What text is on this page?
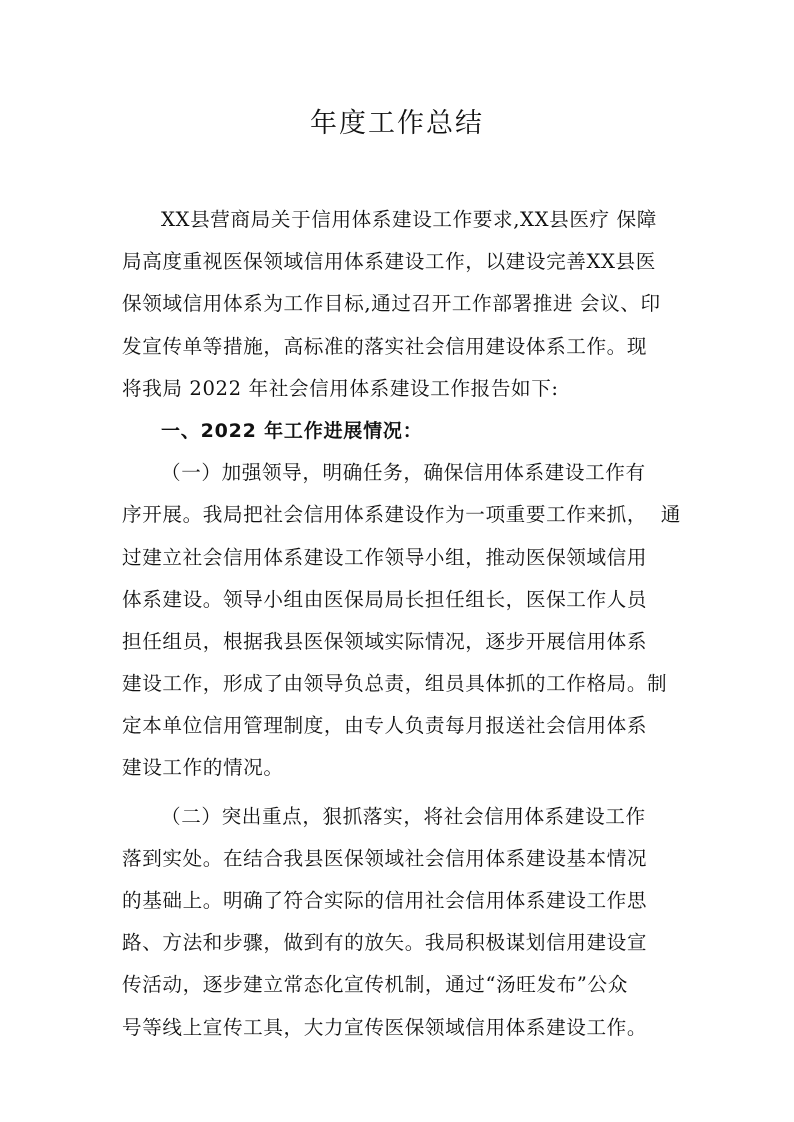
年度工作总结
XX县营商局关于信用体系建设工作要求,XX县医疗 保障
局高度重视医保领域信用体系建设工作，以建设完善XX县医
保领域信用体系为工作目标,通过召开工作部署推进 会议、印
发宣传单等措施，高标准的落实社会信用建设体系工作。现
将我局 2022 年社会信用体系建设工作报告如下:
一、2022 年工作进展情况：
（一）加强领导，明确任务，确保信用体系建设工作有
序开展。我局把社会信用体系建设作为一项重要工作来抓，  通
过建立社会信用体系建设工作领导小组，推动医保领域信用
体系建设。领导小组由医保局局长担任组长，医保工作人员
担任组员，根据我县医保领域实际情况，逐步开展信用体系
建设工作，形成了由领导负总责，组员具体抓的工作格局。制
定本单位信用管理制度，由专人负责每月报送社会信用体系
建设工作的情况。
（二）突出重点，狠抓落实，将社会信用体系建设工作
落到实处。在结合我县医保领域社会信用体系建设基本情况
的基础上。明确了符合实际的信用社会信用体系建设工作思
路、方法和步骤，做到有的放矢。我局积极谋划信用建设宣
传活动，逐步建立常态化宣传机制，通过“汤旺发布”公众
号等线上宣传工具，大力宣传医保领域信用体系建设工作。
